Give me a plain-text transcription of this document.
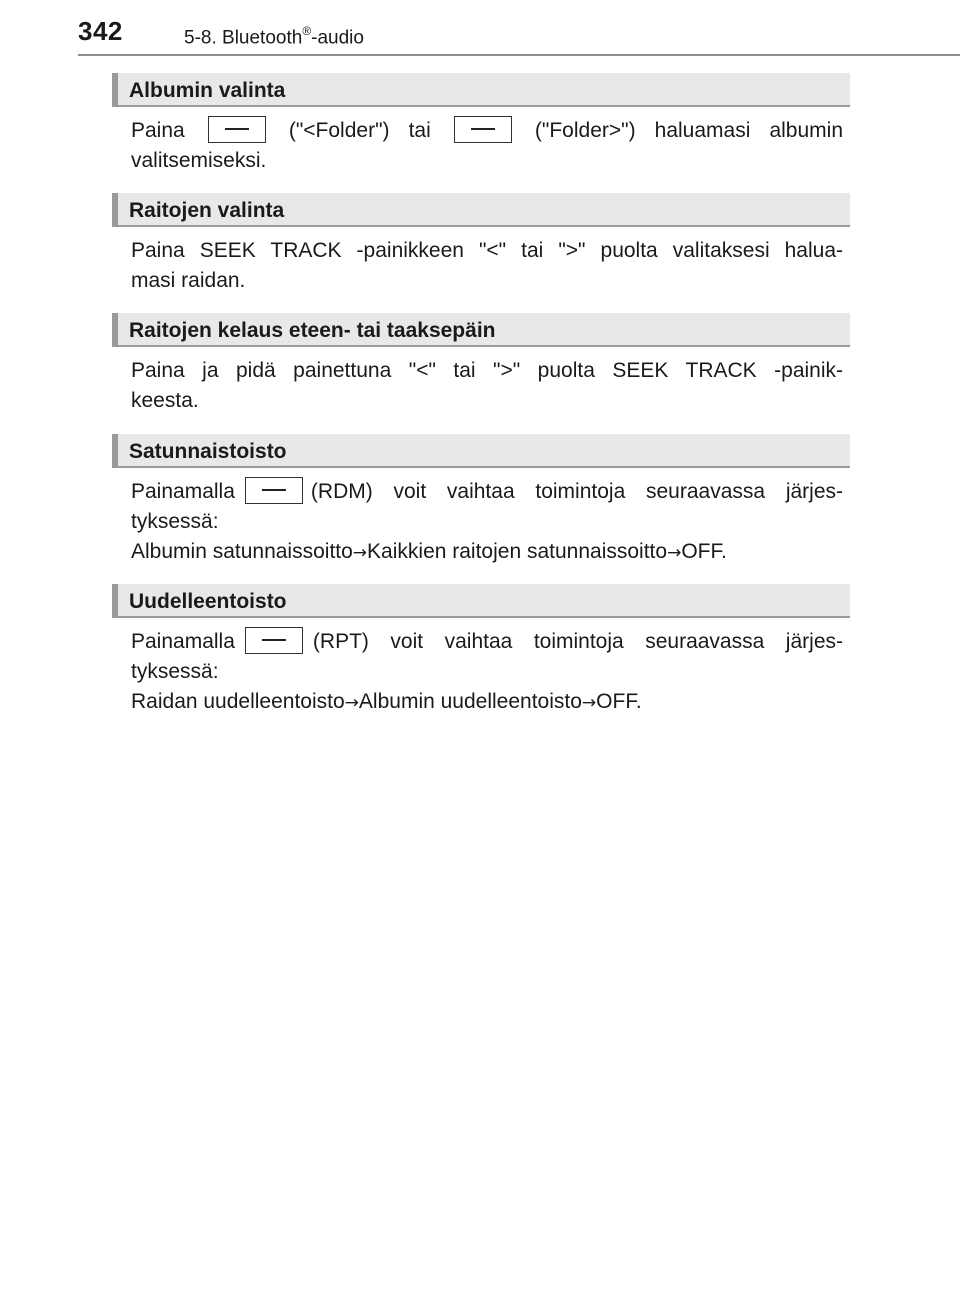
342	5-8. Bluetooth®-audio
Albumin valinta
Paina	("<Folder") tai	("Folder>") haluamasi albumin
valitsemiseksi.
Raitojen valinta
Paina SEEK TRACK -painikkeen "<" tai ">" puolta valitaksesi halua-
masi raidan.
Raitojen kelaus eteen- tai taaksepäin
Paina ja pidä painettuna "<" tai ">" puolta SEEK TRACK -painik-
keesta.
Satunnaistoisto
Painamalla	(RDM) voit vaihtaa toimintoja seuraavassa järjes-
tyksessä:
Albumin satunnaissoitto→Kaikkien raitojen satunnaissoitto→OFF.
Uudelleentoisto
Painamalla	(RPT) voit vaihtaa toimintoja seuraavassa järjes-
tyksessä:
Raidan uudelleentoisto→Albumin uudelleentoisto→OFF.
